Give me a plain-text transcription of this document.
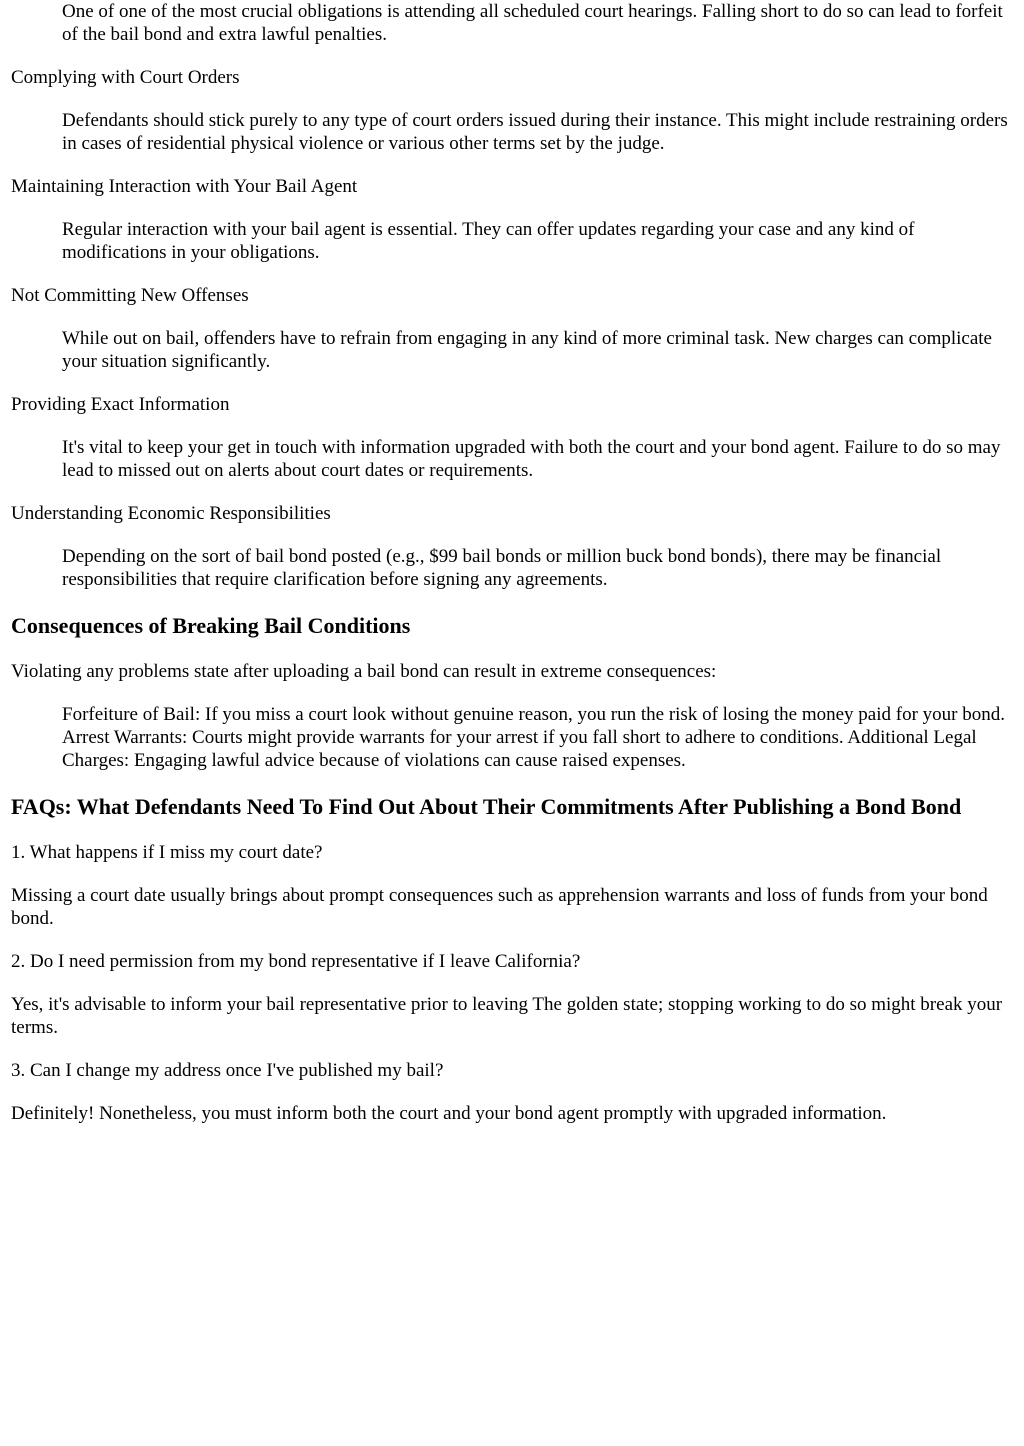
One of one of the most crucial obligations is attending all scheduled court hearings. Falling short to do so can lead to forfeit of the bail bond and extra lawful penalties.

Complying with Court Orders

Defendants should stick purely to any type of court orders issued during their instance. This might include restraining orders in cases of residential physical violence or various other terms set by the judge.

Maintaining Interaction with Your Bail Agent

Regular interaction with your bail agent is essential. They can offer updates regarding your case and any kind of modifications in your obligations.

Not Committing New Offenses

While out on bail, offenders have to refrain from engaging in any kind of more criminal task. New charges can complicate your situation significantly.

Providing Exact Information

It's vital to keep your get in touch with information upgraded with both the court and your bond agent. Failure to do so may lead to missed out on alerts about court dates or requirements.

Understanding Economic Responsibilities

Depending on the sort of bail bond posted (e.g., $99 bail bonds or million buck bond bonds), there may be financial responsibilities that require clarification before signing any agreements.

Consequences of Breaking Bail Conditions

Violating any problems state after uploading a bail bond can result in extreme consequences:

Forfeiture of Bail: If you miss a court look without genuine reason, you run the risk of losing the money paid for your bond. Arrest Warrants: Courts might provide warrants for your arrest if you fall short to adhere to conditions. Additional Legal Charges: Engaging lawful advice because of violations can cause raised expenses.

FAQs: What Defendants Need To Find Out About Their Commitments After Publishing a Bond Bond

1. What happens if I miss my court date?

Missing a court date usually brings about prompt consequences such as apprehension warrants and loss of funds from your bond bond.

2. Do I need permission from my bond representative if I leave California?

Yes, it's advisable to inform your bail representative prior to leaving The golden state; stopping working to do so might break your terms.

3. Can I change my address once I've published my bail?

Definitely! Nonetheless, you must inform both the court and your bond agent promptly with upgraded information.
